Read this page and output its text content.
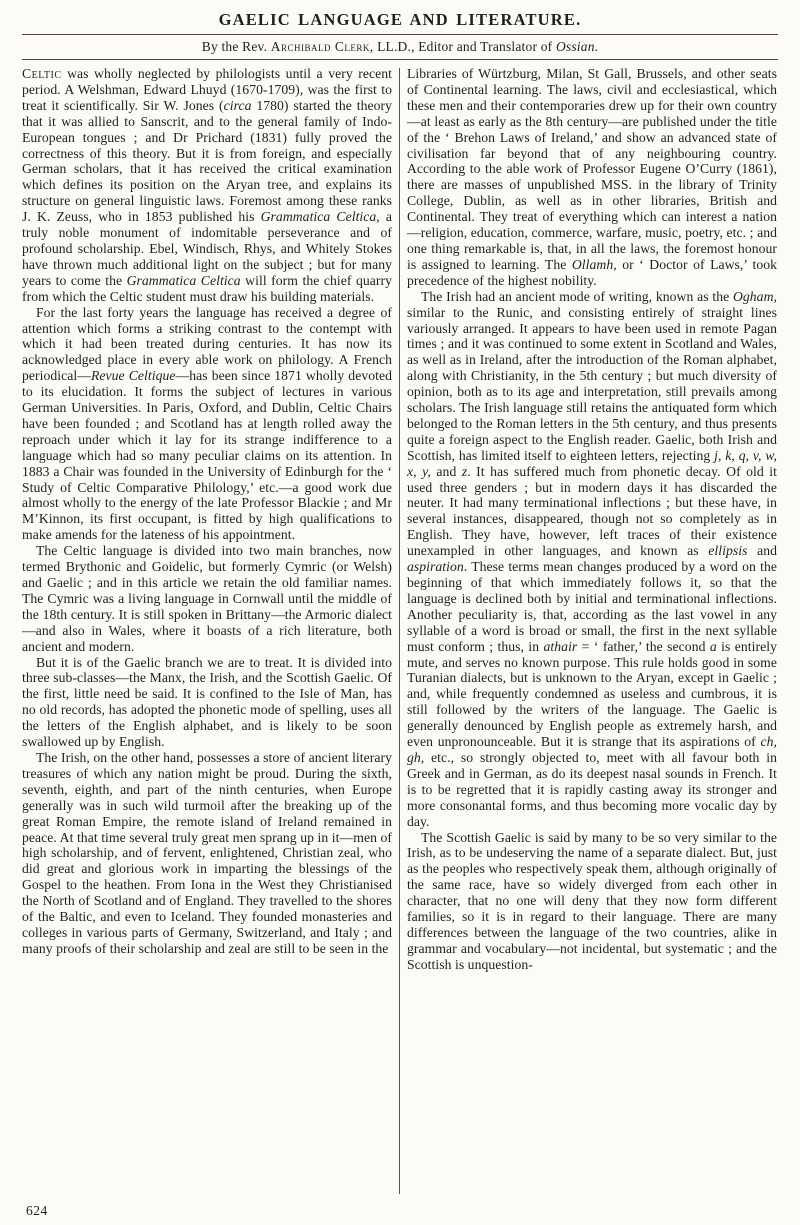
GAELIC LANGUAGE AND LITERATURE.
By the Rev. Archibald Clerk, LL.D., Editor and Translator of Ossian.

Celtic was wholly neglected by philologists until a very recent period. A Welshman, Edward Lhuyd (1670-1709), was the first to treat it scientifically. Sir W. Jones (circa 1780) started the theory that it was allied to Sanscrit, and to the general family of Indo-European tongues ; and Dr Prichard (1831) fully proved the correctness of this theory. But it is from foreign, and especially German scholars, that it has received the critical examination which defines its position on the Aryan tree, and explains its structure on general linguistic laws. Foremost among these ranks J. K. Zeuss, who in 1853 published his Grammatica Celtica, a truly noble monument of indomitable perseverance and of profound scholarship. Ebel, Windisch, Rhys, and Whitely Stokes have thrown much additional light on the subject ; but for many years to come the Grammatica Celtica will form the chief quarry from which the Celtic student must draw his building materials.

For the last forty years the language has received a degree of attention which forms a striking contrast to the contempt with which it had been treated during centuries. It has now its acknowledged place in every able work on philology. A French periodical—Revue Celtique—has been since 1871 wholly devoted to its elucidation. It forms the subject of lectures in various German Universities. In Paris, Oxford, and Dublin, Celtic Chairs have been founded ; and Scotland has at length rolled away the reproach under which it lay for its strange indifference to a language which had so many peculiar claims on its attention. In 1883 a Chair was founded in the University of Edinburgh for the ‘ Study of Celtic Comparative Philology,’ etc.—a good work due almost wholly to the energy of the late Professor Blackie ; and Mr M’Kinnon, its first occupant, is fitted by high qualifications to make amends for the lateness of his appointment.

The Celtic language is divided into two main branches, now termed Brythonic and Goidelic, but formerly Cymric (or Welsh) and Gaelic ; and in this article we retain the old familiar names. The Cymric was a living language in Cornwall until the middle of the 18th century. It is still spoken in Brittany—the Armoric dialect—and also in Wales, where it boasts of a rich literature, both ancient and modern.

But it is of the Gaelic branch we are to treat. It is divided into three sub-classes—the Manx, the Irish, and the Scottish Gaelic. Of the first, little need be said. It is confined to the Isle of Man, has no old records, has adopted the phonetic mode of spelling, uses all the letters of the English alphabet, and is likely to be soon swallowed up by English.

The Irish, on the other hand, possesses a store of ancient literary treasures of which any nation might be proud. During the sixth, seventh, eighth, and part of the ninth centuries, when Europe generally was in such wild turmoil after the breaking up of the great Roman Empire, the remote island of Ireland remained in peace. At that time several truly great men sprang up in it—men of high scholarship, and of fervent, enlightened, Christian zeal, who did great and glorious work in imparting the blessings of the Gospel to the heathen. From Iona in the West they Christianised the North of Scotland and of England. They travelled to the shores of the Baltic, and even to Iceland. They founded monasteries and colleges in various parts of Germany, Switzerland, and Italy ; and many proofs of their scholarship and zeal are still to be seen in the

Libraries of Würtzburg, Milan, St Gall, Brussels, and other seats of Continental learning. The laws, civil and ecclesiastical, which these men and their contemporaries drew up for their own country—at least as early as the 8th century—are published under the title of the ‘ Brehon Laws of Ireland,’ and show an advanced state of civilisation far beyond that of any neighbouring country. According to the able work of Professor Eugene O’Curry (1861), there are masses of unpublished MSS. in the library of Trinity College, Dublin, as well as in other libraries, British and Continental. They treat of everything which can interest a nation—religion, education, commerce, warfare, music, poetry, etc. ; and one thing remarkable is, that, in all the laws, the foremost honour is assigned to learning. The Ollamh, or ‘ Doctor of Laws,’ took precedence of the highest nobility.

The Irish had an ancient mode of writing, known as the Ogham, similar to the Runic, and consisting entirely of straight lines variously arranged. It appears to have been used in remote Pagan times ; and it was continued to some extent in Scotland and Wales, as well as in Ireland, after the introduction of the Roman alphabet, along with Christianity, in the 5th century ; but much diversity of opinion, both as to its age and interpretation, still prevails among scholars. The Irish language still retains the antiquated form which belonged to the Roman letters in the 5th century, and thus presents quite a foreign aspect to the English reader. Gaelic, both Irish and Scottish, has limited itself to eighteen letters, rejecting j, k, q, v, w, x, y, and z. It has suffered much from phonetic decay. Of old it used three genders ; but in modern days it has discarded the neuter. It had many terminational inflections ; but these have, in several instances, disappeared, though not so completely as in English. They have, however, left traces of their existence unexampled in other languages, and known as ellipsis and aspiration. These terms mean changes produced by a word on the beginning of that which immediately follows it, so that the language is declined both by initial and terminational inflections. Another peculiarity is, that, according as the last vowel in any syllable of a word is broad or small, the first in the next syllable must conform ; thus, in athair = ‘ father,’ the second a is entirely mute, and serves no known purpose. This rule holds good in some Turanian dialects, but is unknown to the Aryan, except in Gaelic ; and, while frequently condemned as useless and cumbrous, it is still followed by the writers of the language. The Gaelic is generally denounced by English people as extremely harsh, and even unpronounceable. But it is strange that its aspirations of ch, gh, etc., so strongly objected to, meet with all favour both in Greek and in German, as do its deepest nasal sounds in French. It is to be regretted that it is rapidly casting away its stronger and more consonantal forms, and thus becoming more vocalic day by day.

The Scottish Gaelic is said by many to be so very similar to the Irish, as to be undeserving the name of a separate dialect. But, just as the peoples who respectively speak them, although originally of the same race, have so widely diverged from each other in character, that no one will deny that they now form different families, so it is in regard to their language. There are many differences between the language of the two countries, alike in grammar and vocabulary—not incidental, but systematic ; and the Scottish is unquestion-

624
